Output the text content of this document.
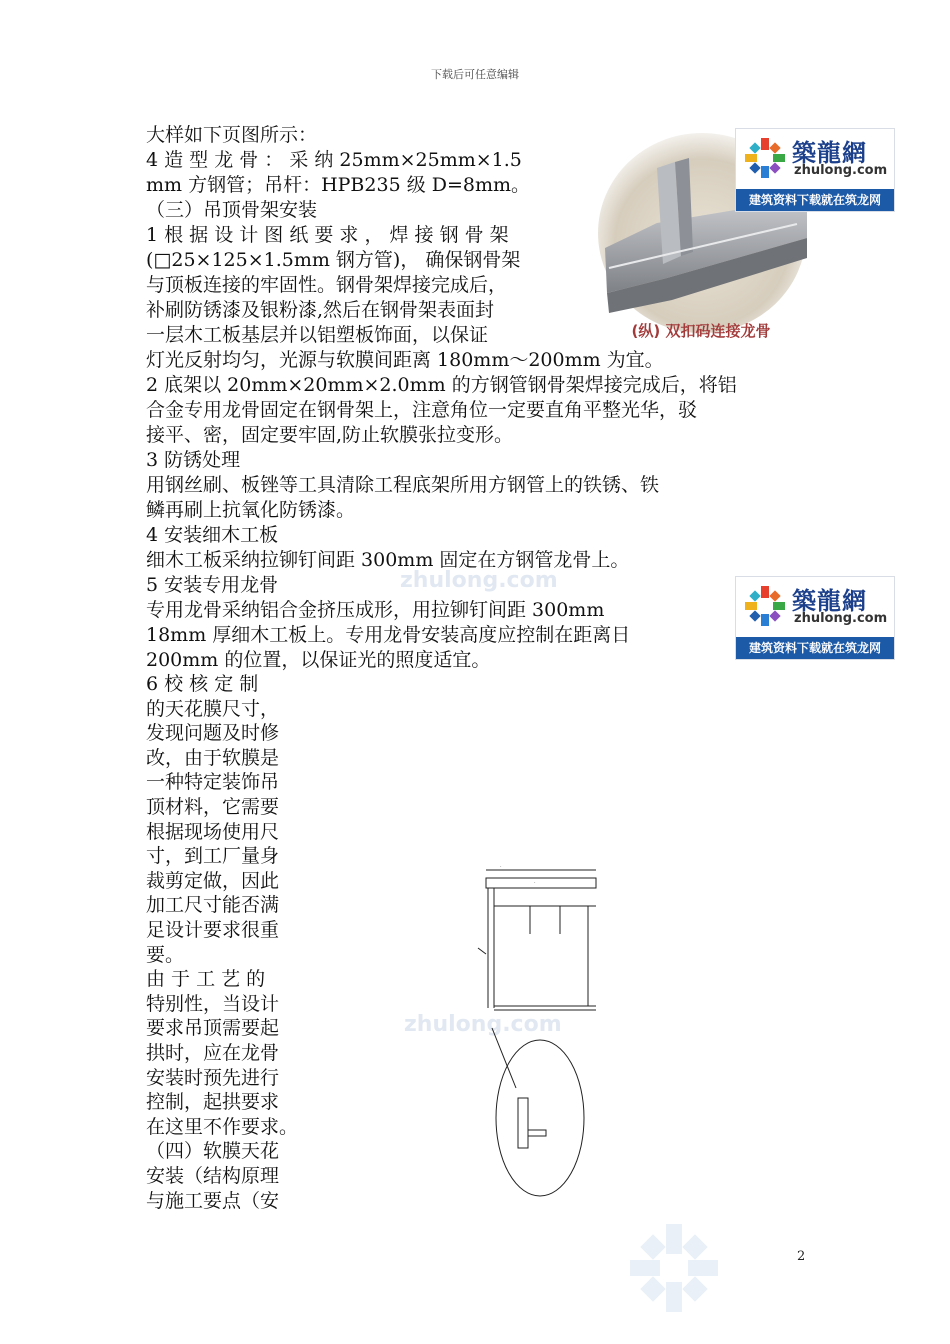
下载后可任意编辑
大样如下页图所示：
4 造 型 龙 骨 ： 采 纳 25mm×25mm×1.5
mm 方钢管；吊杆：HPB235 级 D=8mm。
（三）吊顶骨架安装
1 根 据 设 计 图 纸 要 求 ， 焊 接 钢 骨 架
(□25×125×1.5mm 钢方管)， 确保钢骨架
与顶板连接的牢固性。钢骨架焊接完成后，
补刷防锈漆及银粉漆,然后在钢骨架表面封
一层木工板基层并以铝塑板饰面，以保证
灯光反射均匀，光源与软膜间距离 180mm～200mm 为宜。
2 底架以 20mm×20mm×2.0mm 的方钢管钢骨架焊接完成后，将铝
合金专用龙骨固定在钢骨架上，注意角位一定要直角平整光华，驳
接平、密，固定要牢固,防止软膜张拉变形。
3 防锈处理
用钢丝刷、板锉等工具清除工程底架所用方钢管上的铁锈、铁
鳞再刷上抗氧化防锈漆。
4 安装细木工板
细木工板采纳拉铆钉间距 300mm 固定在方钢管龙骨上。
5 安装专用龙骨
专用龙骨采纳铝合金挤压成形，用拉铆钉间距 300mm
18mm 厚细木工板上。专用龙骨安装高度应控制在距离日
200mm 的位置，以保证光的照度适宜。
6 校 核 定 制
的天花膜尺寸，
发现问题及时修
改，由于软膜是
一种特定装饰吊
顶材料，它需要
根据现场使用尺
寸，到工厂量身
裁剪定做，因此
加工尺寸能否满
足设计要求很重
要。
由 于 工 艺 的
特别性，当设计
要求吊顶需要起
拱时，应在龙骨
安装时预先进行
控制，起拱要求
在这里不作要求。
（四）软膜天花
安装（结构原理
与施工要点（安
(纵) 双扣码连接龙骨
築龍網
zhulong.com
建筑资料下载就在筑龙网
築龍網
zhulong.com
建筑资料下载就在筑龙网
zhulong.com
zhulong.com
·
·
2
